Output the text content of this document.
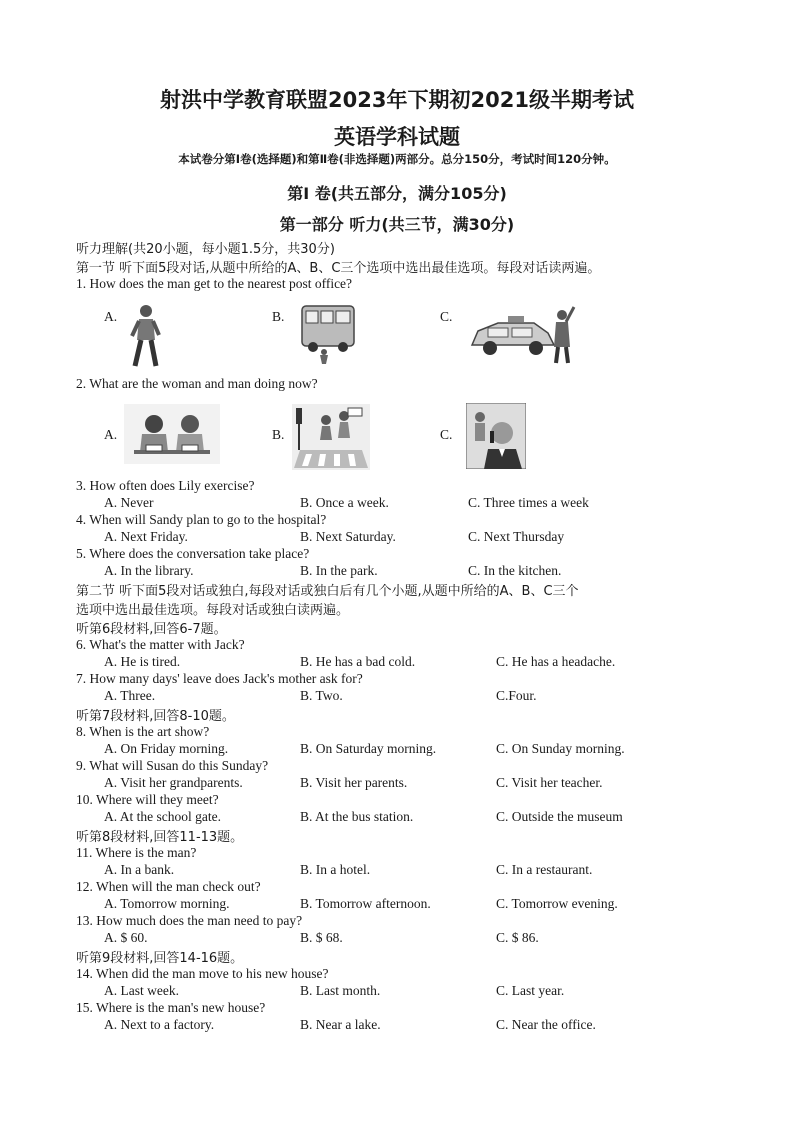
射洪中学教育联盟2023年下期初2021级半期考试
英语学科试题
本试卷分第Ⅰ卷(选择题)和第Ⅱ卷(非选择题)两部分。总分150分，考试时间120分钟。
第Ⅰ 卷(共五部分，满分105分)
第一部分 听力(共三节，满30分)
听力理解(共20小题，每小题1.5分，共30分)
第一节 听下面5段对话,从题中所给的A、B、C三个选项中选出最佳选项。每段对话读两遍。
1. How does the man get to the nearest post office?
A.	B.	C.
2. What are the woman and man doing now?
A.	B.	C.
3. How often does Lily exercise?
A. Never	B. Once a week.	C. Three times a week
4. When will Sandy plan to go to the hospital?
A. Next Friday.	B. Next Saturday.	C. Next Thursday
5. Where does the conversation take place?
A. In the library.	B. In the park.	C. In the kitchen.
第二节 听下面5段对话或独白,每段对话或独白后有几个小题,从题中所给的A、B、C三个
选项中选出最佳选项。每段对话或独白读两遍。
听第6段材料,回答6-7题。
6. What's the matter with Jack?
A. He is tired.	B. He has a bad cold.	C. He has a headache.
7. How many days' leave does Jack's mother ask for?
A. Three.	B. Two.	C.Four.
听第7段材料,回答8-10题。
8. When is the art show?
A. On Friday morning.	B. On Saturday morning.	C. On Sunday morning.
9. What will Susan do this Sunday?
A. Visit her grandparents.	B. Visit her parents.	C. Visit her teacher.
10. Where will they meet?
A. At the school gate.	B. At the bus station.	C. Outside the museum
听第8段材料,回答11-13题。
11. Where is the man?
A. In a bank.	B. In a hotel.	C. In a restaurant.
12. When will the man check out?
A. Tomorrow morning.	B. Tomorrow afternoon.	C. Tomorrow evening.
13. How much does the man need to pay?
A. $ 60.	B. $ 68.	C. $ 86.
听第9段材料,回答14-16题。
14. When did the man move to his new house?
A. Last week.	B. Last month.	C. Last year.
15. Where is the man's new house?
A. Next to a factory.	B. Near a lake.	C. Near the office.
